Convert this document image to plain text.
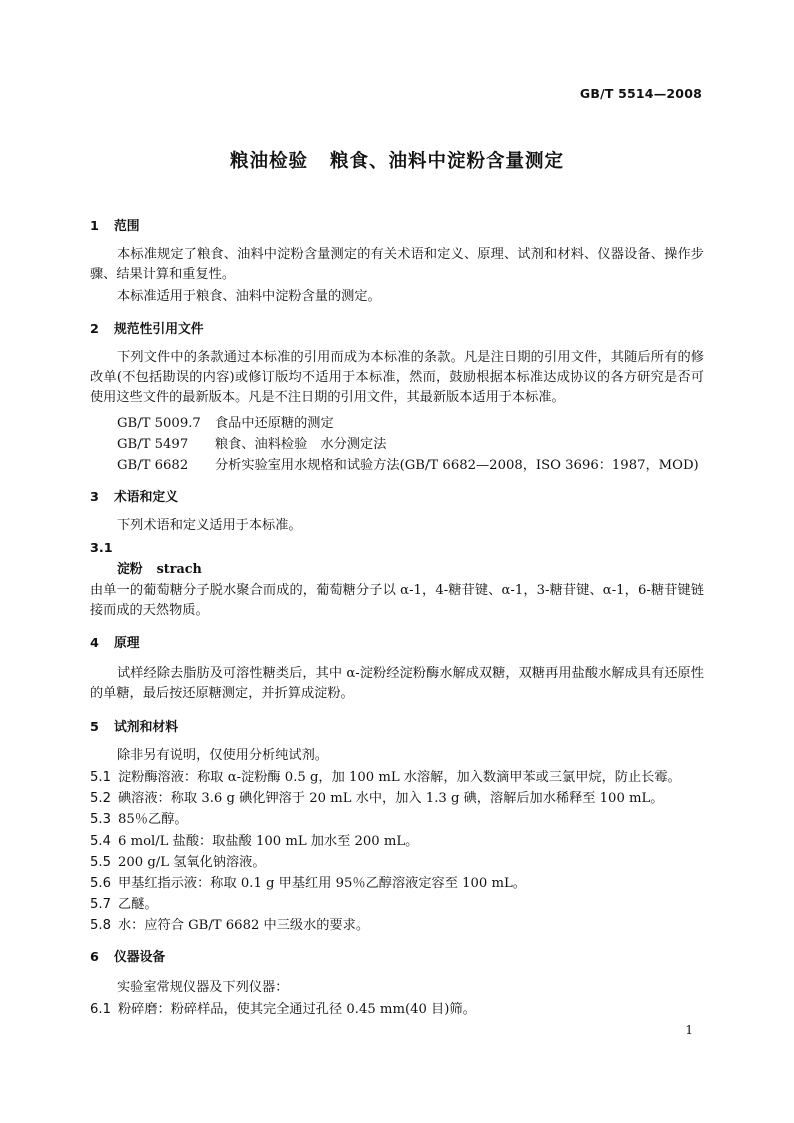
GB/T 5514—2008
粮油检验 粮食、油料中淀粉含量测定
1 范围
本标准规定了粮食、油料中淀粉含量测定的有关术语和定义、原理、试剂和材料、仪器设备、操作步骤、结果计算和重复性。
本标准适用于粮食、油料中淀粉含量的测定。
2 规范性引用文件
下列文件中的条款通过本标准的引用而成为本标准的条款。凡是注日期的引用文件，其随后所有的修改单(不包括勘误的内容)或修订版均不适用于本标准，然而，鼓励根据本标准达成协议的各方研究是否可使用这些文件的最新版本。凡是不注日期的引用文件，其最新版本适用于本标准。
GB/T 5009.7 食品中还原糖的测定
GB/T 5497 粮食、油料检验　水分测定法
GB/T 6682 分析实验室用水规格和试验方法(GB/T 6682—2008，ISO 3696：1987，MOD)
3 术语和定义
下列术语和定义适用于本标准。
3.1
淀粉 strach
由单一的葡萄糖分子脱水聚合而成的，葡萄糖分子以 α-1，4-糖苷键、α-1，3-糖苷键、α-1，6-糖苷键链接而成的天然物质。
4 原理
试样经除去脂肪及可溶性糖类后，其中 α-淀粉经淀粉酶水解成双糖，双糖再用盐酸水解成具有还原性的单糖，最后按还原糖测定，并折算成淀粉。
5 试剂和材料
除非另有说明，仅使用分析纯试剂。
5.1 淀粉酶溶液：称取 α-淀粉酶 0.5 g，加 100 mL 水溶解，加入数滴甲苯或三氯甲烷，防止长霉。
5.2 碘溶液：称取 3.6 g 碘化钾溶于 20 mL 水中，加入 1.3 g 碘，溶解后加水稀释至 100 mL。
5.3 85％乙醇。
5.4 6 mol/L 盐酸：取盐酸 100 mL 加水至 200 mL。
5.5 200 g/L 氢氧化钠溶液。
5.6 甲基红指示液：称取 0.1 g 甲基红用 95％乙醇溶液定容至 100 mL。
5.7 乙醚。
5.8 水：应符合 GB/T 6682 中三级水的要求。
6 仪器设备
实验室常规仪器及下列仪器：
6.1 粉碎磨：粉碎样品，使其完全通过孔径 0.45 mm(40 目)筛。
1
